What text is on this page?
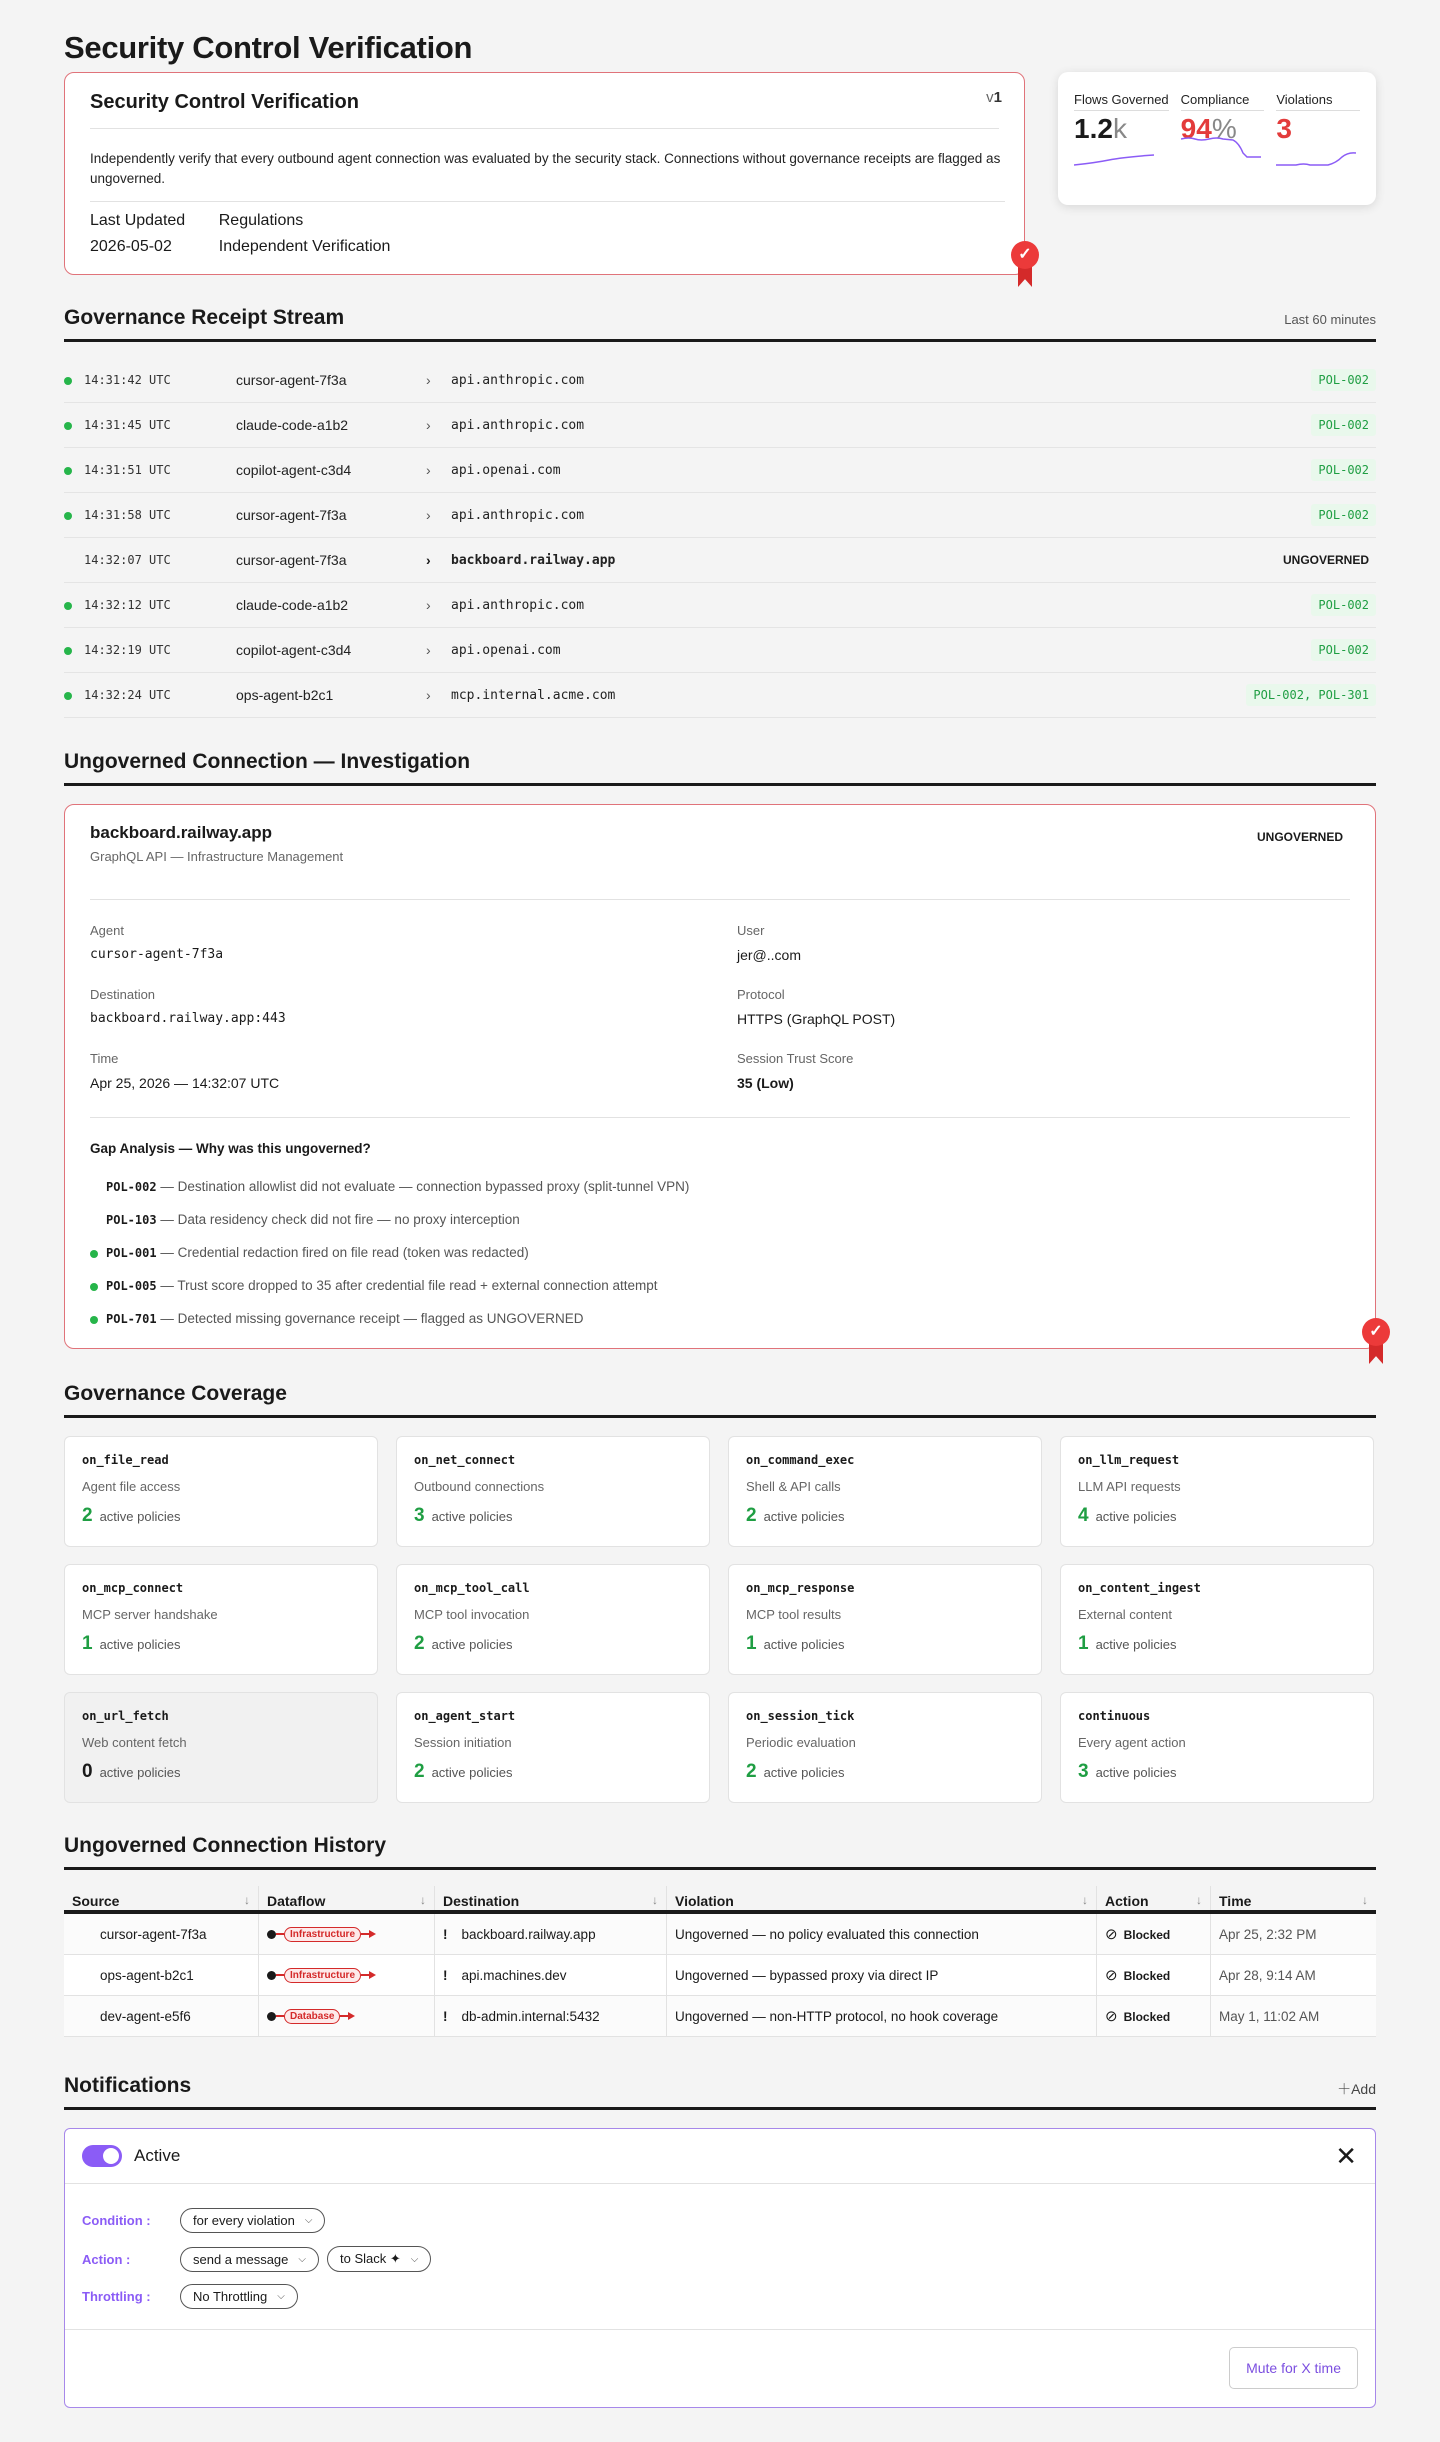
Security Control Verification
Security Control Verification	v1
Independently verify that every outbound agent connection was evaluated by the security stack. Connections without governance receipts are flagged as ungoverned.
Last Updated	Regulations
2026-05-02	Independent Verification	✓
Flows Governed
1.2k
Compliance
94%
Violations
3
Governance Receipt Stream	Last 60 minutes
14:31:42 UTC	cursor-agent-7f3a	› api.anthropic.com	POL-002
14:31:45 UTC	claude-code-a1b2	› api.anthropic.com	POL-002
14:31:51 UTC	copilot-agent-c3d4	› api.openai.com	POL-002
14:31:58 UTC	cursor-agent-7f3a	› api.anthropic.com	POL-002
14:32:07 UTC	cursor-agent-7f3a	› backboard.railway.app	UNGOVERNED
14:32:12 UTC	claude-code-a1b2	› api.anthropic.com	POL-002
14:32:19 UTC	copilot-agent-c3d4	› api.openai.com	POL-002
14:32:24 UTC	ops-agent-b2c1	› mcp.internal.acme.com	POL-002, POL-301
Ungoverned Connection — Investigation
backboard.railway.app
GraphQL API — Infrastructure Management
UNGOVERNED
Agent
cursor-agent-7f3a
User
jer@..com
Destination
backboard.railway.app:443
Protocol
HTTPS (GraphQL POST)
Time
Apr 25, 2026 — 14:32:07 UTC
Session Trust Score
35 (Low)
Gap Analysis — Why was this ungoverned?
POL-002 — Destination allowlist did not evaluate — connection bypassed proxy (split-tunnel VPN)
POL-103 — Data residency check did not fire — no proxy interception
POL-001 — Credential redaction fired on file read (token was redacted)
POL-005 — Trust score dropped to 35 after credential file read + external connection attempt
POL-701 — Detected missing governance receipt — flagged as UNGOVERNED
✓
Governance Coverage
on_file_read
Agent file access
2 active policies
on_net_connect
Outbound connections
3 active policies
on_command_exec
Shell & API calls
2 active policies
on_llm_request
LLM API requests
4 active policies
on_mcp_connect
MCP server handshake
1 active policies
on_mcp_tool_call
MCP tool invocation
2 active policies
on_mcp_response
MCP tool results
1 active policies
on_content_ingest
External content
1 active policies
on_url_fetch
Web content fetch
0 active policies
on_agent_start
Session initiation
2 active policies
on_session_tick
Periodic evaluation
2 active policies
continuous
Every agent action
3 active policies
Ungoverned Connection History
Source	↓	Dataflow	↓	Destination	↓	Violation	↓	Action	↓	Time	↓
cursor-agent-7f3a	Infrastructure	! backboard.railway.app	Ungoverned — no policy evaluated this connection	⊘ Blocked	Apr 25, 2:32 PM
ops-agent-b2c1	Infrastructure	! api.machines.dev	Ungoverned — bypassed proxy via direct IP	⊘ Blocked	Apr 28, 9:14 AM
dev-agent-e5f6	Database	! db-admin.internal:5432	Ungoverned — non-HTTP protocol, no hook coverage	⊘ Blocked	May 1, 11:02 AM
Notifications	＋Add
Active	✕
Condition :	for every violation ⌵
Action :	send a message ⌵	to Slack ✦ ⌵
Throttling :	No Throttling ⌵
Mute for X time
